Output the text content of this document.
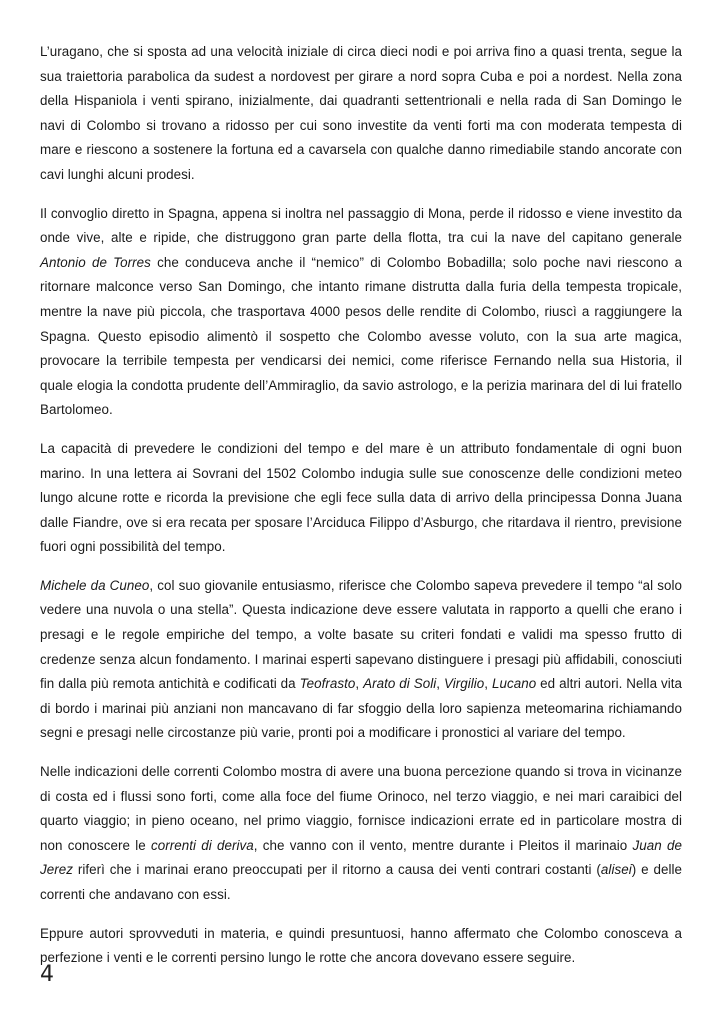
L’uragano, che si sposta ad una velocità iniziale di circa dieci nodi e poi arriva fino a quasi trenta, segue la sua traiettoria parabolica da sudest a nordovest per girare a nord sopra Cuba e poi a nordest. Nella zona della Hispaniola i venti spirano, inizialmente, dai quadranti settentrionali e nella rada di San Domingo le navi di Colombo si trovano a ridosso per cui sono investite da venti forti ma con moderata tempesta di mare e riescono a sostenere la fortuna ed a cavarsela con qualche danno rimediabile stando ancorate con cavi lunghi alcuni prodesi.

Il convoglio diretto in Spagna, appena si inoltra nel passaggio di Mona, perde il ridosso e viene investito da onde vive, alte e ripide, che distruggono gran parte della flotta, tra cui la nave del capitano generale Antonio de Torres che conduceva anche il “nemico” di Colombo Bobadilla; solo poche navi riescono a ritornare malconce verso San Domingo, che intanto rimane distrutta dalla furia della tempesta tropicale, mentre la nave più piccola, che trasportava 4000 pesos delle rendite di Colombo, riuscì a raggiungere la Spagna. Questo episodio alimentò il sospetto che Colombo avesse voluto, con la sua arte magica, provocare la terribile tempesta per vendicarsi dei nemici, come riferisce Fernando nella sua Historia, il quale elogia la condotta prudente dell’Ammiraglio, da savio astrologo, e la perizia marinara del di lui fratello Bartolomeo.

La capacità di prevedere le condizioni del tempo e del mare è un attributo fondamentale di ogni buon marino. In una lettera ai Sovrani del 1502 Colombo indugia sulle sue conoscenze delle condizioni meteo lungo alcune rotte e ricorda la previsione che egli fece sulla data di arrivo della principessa Donna Juana dalle Fiandre, ove si era recata per sposare l’Arciduca Filippo d’Asburgo, che ritardava il rientro, previsione fuori ogni possibilità del tempo.

Michele da Cuneo, col suo giovanile entusiasmo, riferisce che Colombo sapeva prevedere il tempo “al solo vedere una nuvola o una stella”. Questa indicazione deve essere valutata in rapporto a quelli che erano i presagi e le regole empiriche del tempo, a volte basate su criteri fondati e validi ma spesso frutto di credenze senza alcun fondamento. I marinai esperti sapevano distinguere i presagi più affidabili, conosciuti fin dalla più remota antichità e codificati da Teofrasto, Arato di Soli, Virgilio, Lucano ed altri autori. Nella vita di bordo i marinai più anziani non mancavano di far sfoggio della loro sapienza meteomarina richiamando segni e presagi nelle circostanze più varie, pronti poi a modificare i pronostici al variare del tempo.

Nelle indicazioni delle correnti Colombo mostra di avere una buona percezione quando si trova in vicinanze di costa ed i flussi sono forti, come alla foce del fiume Orinoco, nel terzo viaggio, e nei mari caraibici del quarto viaggio; in pieno oceano, nel primo viaggio, fornisce indicazioni errate ed in particolare mostra di non conoscere le correnti di deriva, che vanno con il vento, mentre durante i Pleitos il marinaio Juan de Jerez riferì che i marinai erano preoccupati per il ritorno a causa dei venti contrari costanti (alisei) e delle correnti che andavano con essi.

Eppure autori sprovveduti in materia, e quindi presuntuosi, hanno affermato che Colombo conosceva a perfezione i venti e le correnti persino lungo le rotte che ancora dovevano essere seguire.

4
